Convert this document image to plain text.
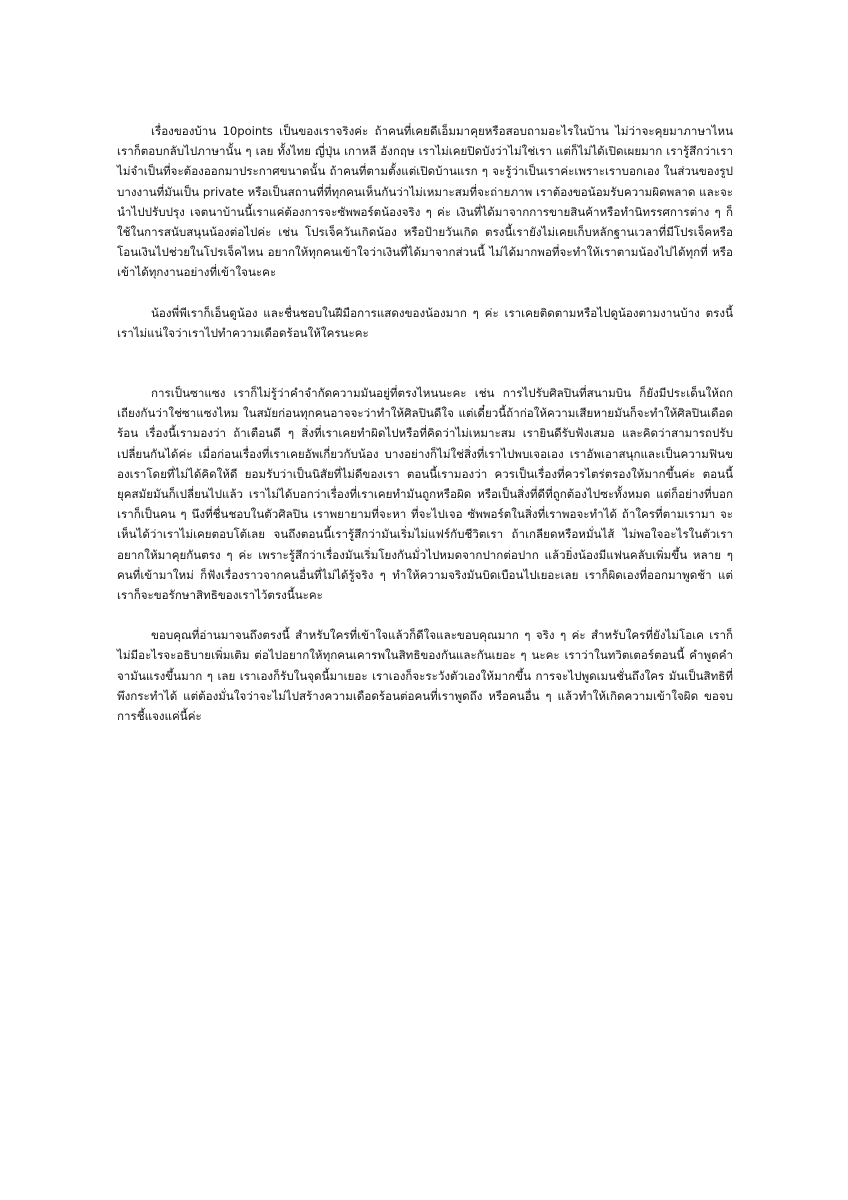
เรื่องของบ้าน 10points เป็นของเราจริงค่ะ ถ้าคนที่เคยดีเอ็มมาคุยหรือสอบถามอะไรในบ้าน ไม่ว่าจะคุยมาภาษาไหน เราก็ตอบกลับไปภาษานั้น ๆ เลย ทั้งไทย ญี่ปุ่น เกาหลี อังกฤษ เราไม่เคยปิดบังว่าไม่ใช่เรา แต่ก็ไม่ได้เปิดเผยมาก เรารู้สึกว่าเราไม่จำเป็นที่จะต้องออกมาประกาศขนาดนั้น ถ้าคนที่ตามตั้งแต่เปิดบ้านแรก ๆ จะรู้ว่าเป็นเราค่ะเพราะเราบอกเอง ในส่วนของรูปบางงานที่มันเป็น private หรือเป็นสถานที่ที่ทุกคนเห็นกันว่าไม่เหมาะสมที่จะถ่ายภาพ เราต้องขอน้อมรับความผิดพลาด และจะนำไปปรับปรุง เจตนาบ้านนี้เราแค่ต้องการจะซัพพอร์ตน้องจริง ๆ ค่ะ เงินที่ได้มาจากการขายสินค้าหรือทำนิทรรศการต่าง ๆ ก็ใช้ในการสนับสนุนน้องต่อไปค่ะ เช่น โปรเจ็ควันเกิดน้อง หรือป้ายวันเกิด ตรงนี้เรายังไม่เคยเก็บหลักฐานเวลาที่มีโปรเจ็คหรือโอนเงินไปช่วยในโปรเจ็คไหน อยากให้ทุกคนเข้าใจว่าเงินที่ได้มาจากส่วนนี้ ไม่ได้มากพอที่จะทำให้เราตามน้องไปได้ทุกที่ หรือเข้าได้ทุกงานอย่างที่เข้าใจนะคะ

น้องพี่พีเราก็เอ็นดูน้อง และชื่นชอบในฝีมือการแสดงของน้องมาก ๆ ค่ะ เราเคยติดตามหรือไปดูน้องตามงานบ้าง ตรงนี้เราไม่แน่ใจว่าเราไปทำความเดือดร้อนให้ใครนะคะ

การเป็นซาแซง เราก็ไม่รู้ว่าคำจำกัดความมันอยู่ที่ตรงไหนนะคะ เช่น การไปรับศิลปินที่สนามบิน ก็ยังมีประเด็นให้ถกเถียงกันว่าใช่ซาแซงไหม ในสมัยก่อนทุกคนอาจจะว่าทำให้ศิลปินดีใจ แต่เดี๋ยวนี้ถ้าก่อให้ความเสียหายมันก็จะทำให้ศิลปินเดือดร้อน เรื่องนี้เรามองว่า ถ้าเตือนดี ๆ สิ่งที่เราเคยทำผิดไปหรือที่คิดว่าไม่เหมาะสม เรายินดีรับฟังเสมอ และคิดว่าสามารถปรับเปลี่ยนกันได้ค่ะ เมื่อก่อนเรื่องที่เราเคยอัพเกี่ยวกับน้อง บางอย่างก็ไม่ใช่สิ่งที่เราไปพบเจอเอง เราอัพเอาสนุกและเป็นความฟินของเราโดยที่ไม่ได้คิดให้ดี ยอมรับว่าเป็นนิสัยที่ไม่ดีของเรา ตอนนี้เรามองว่า ควรเป็นเรื่องที่ควรไตร่ตรองให้มากขึ้นค่ะ ตอนนี้ยุคสมัยมันก็เปลี่ยนไปแล้ว เราไม่ได้บอกว่าเรื่องที่เราเคยทำมันถูกหรือผิด หรือเป็นสิ่งที่ดีที่ถูกต้องไปซะทั้งหมด แต่ก็อย่างที่บอก เราก็เป็นคน ๆ นึงที่ชื่นชอบในตัวศิลปิน เราพยายามที่จะหา ที่จะไปเจอ ซัพพอร์ตในสิ่งที่เราพอจะทำได้ ถ้าใครที่ตามเรามา จะเห็นได้ว่าเราไม่เคยตอบโต้เลย จนถึงตอนนี้เรารู้สึกว่ามันเริ่มไม่แฟร์กับชีวิตเรา ถ้าเกลียดหรือหมั่นไส้ ไม่พอใจอะไรในตัวเรา อยากให้มาคุยกันตรง ๆ ค่ะ เพราะรู้สึกว่าเรื่องมันเริ่มโยงกันมั่วไปหมดจากปากต่อปาก แล้วยิ่งน้องมีแฟนคลับเพิ่มขึ้น หลาย ๆ คนที่เข้ามาใหม่ ก็ฟังเรื่องราวจากคนอื่นที่ไม่ได้รู้จริง ๆ ทำให้ความจริงมันบิดเบือนไปเยอะเลย เราก็ผิดเองที่ออกมาพูดช้า แต่เราก็จะขอรักษาสิทธิของเราไว้ตรงนี้นะคะ

ขอบคุณที่อ่านมาจนถึงตรงนี้ สำหรับใครที่เข้าใจแล้วก็ดีใจและขอบคุณมาก ๆ จริง ๆ ค่ะ สำหรับใครที่ยังไม่โอเค เราก็ไม่มีอะไรจะอธิบายเพิ่มเติม ต่อไปอยากให้ทุกคนเคารพในสิทธิของกันและกันเยอะ ๆ นะคะ เราว่าในทวิตเตอร์ตอนนี้ คำพูดคำจามันแรงขึ้นมาก ๆ เลย เราเองก็รับในจุดนี้มาเยอะ เราเองก็จะระวังตัวเองให้มากขึ้น การจะไปพูดเมนชั่นถึงใคร มันเป็นสิทธิที่พึงกระทำได้ แต่ต้องมั่นใจว่าจะไม่ไปสร้างความเดือดร้อนต่อคนที่เราพูดถึง หรือคนอื่น ๆ แล้วทำให้เกิดความเข้าใจผิด ขอจบการชี้แจงแค่นี้ค่ะ
